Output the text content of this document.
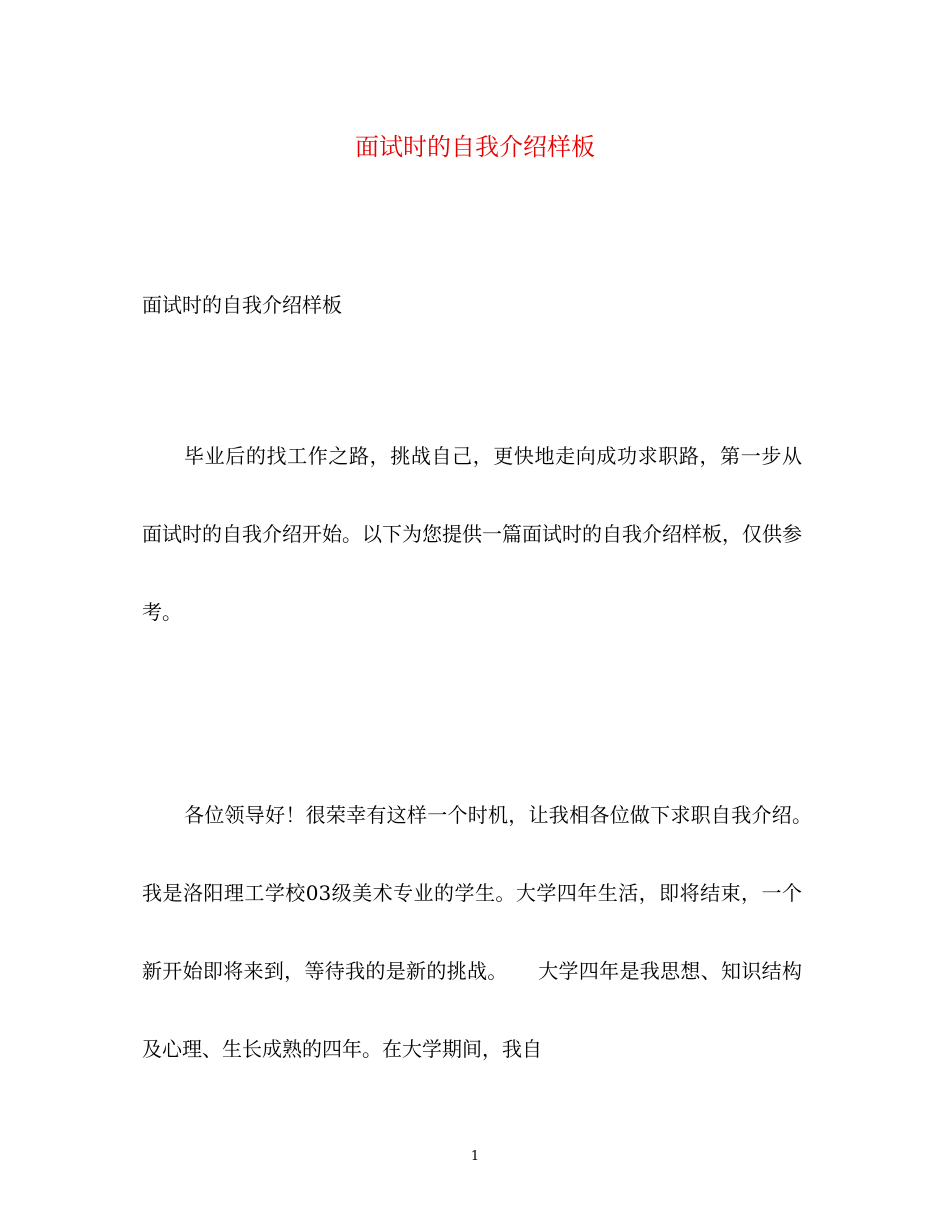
面试时的自我介绍样板

面试时的自我介绍样板

毕业后的找工作之路，挑战自己，更快地走向成功求职路，第一步从面试时的自我介绍开始。以下为您提供一篇面试时的自我介绍样板，仅供参考。

各位领导好！很荣幸有这样一个时机，让我相各位做下求职自我介绍。　　我是洛阳理工学校03级美术专业的学生。大学四年生活，即将结束，一个新开始即将来到，等待我的是新的挑战。　　大学四年是我思想、知识结构及心理、生长成熟的四年。在大学期间，我自

1
